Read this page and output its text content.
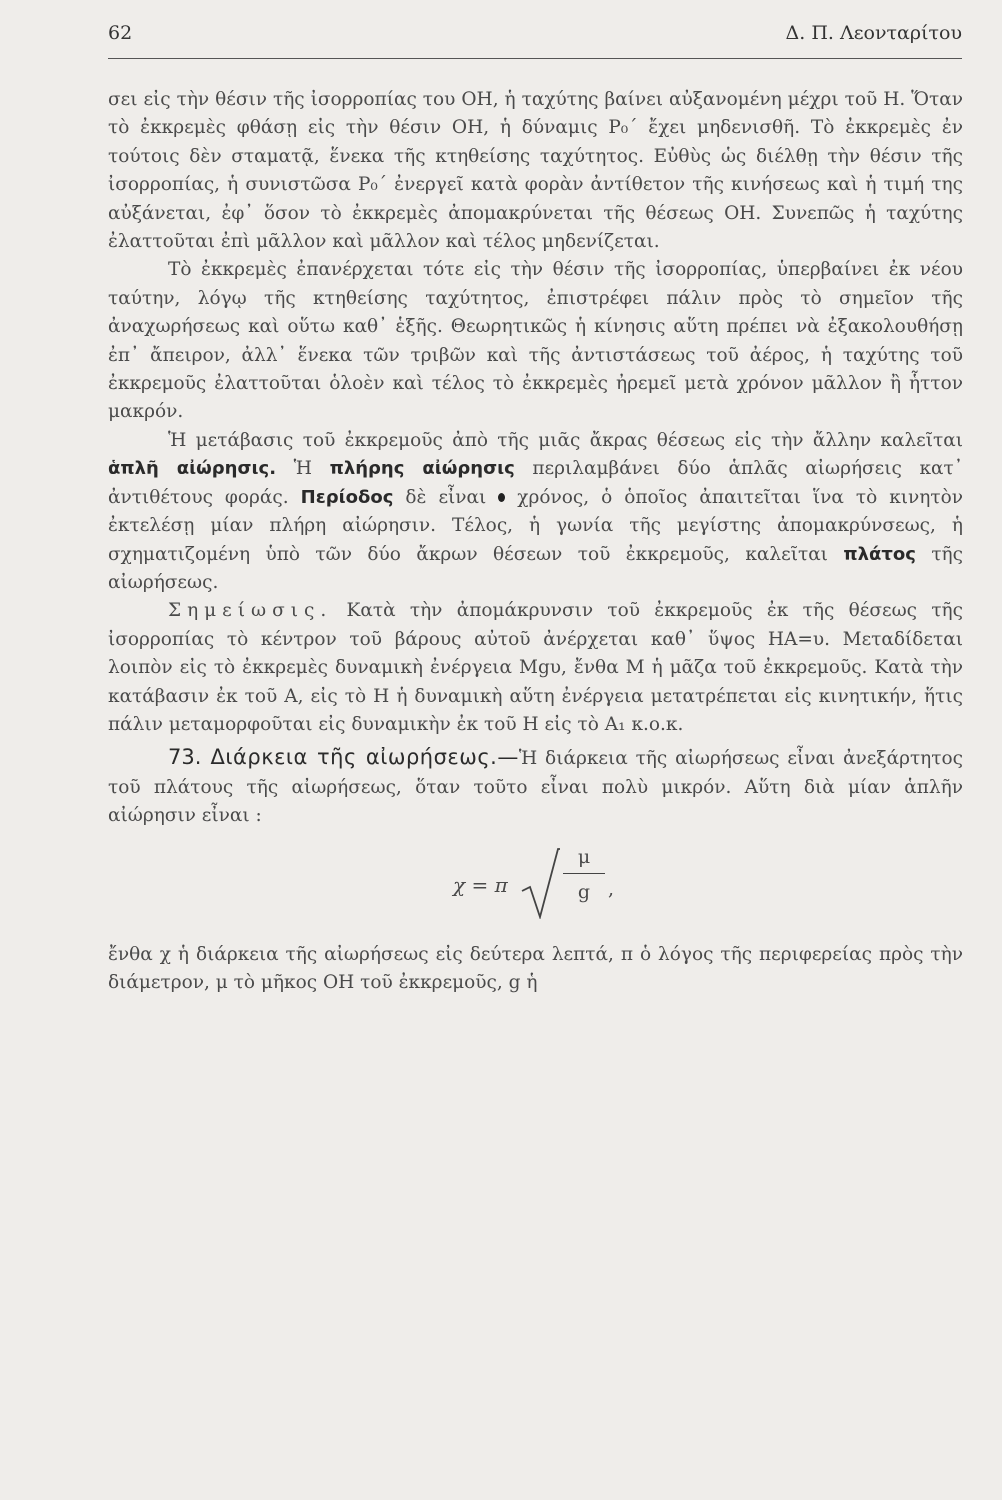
62	Δ. Π. Λεονταρίτου

σει εἰς τὴν θέσιν τῆς ἰσορροπίας του ΟΗ, ἡ ταχύτης βαίνει αὐξανομένη μέχρι τοῦ Η. Ὅταν τὸ ἐκκρεμὲς φθάσῃ εἰς τὴν θέσιν ΟΗ, ἡ δύναμις Ρ₀΄ ἔχει μηδενισθῆ. Τὸ ἐκκρεμὲς ἐν τούτοις δὲν σταματᾷ, ἕνεκα τῆς κτηθείσης ταχύτητος. Εὐθὺς ὡς διέλθῃ τὴν θέσιν τῆς ἰσορροπίας, ἡ συνιστῶσα Ρ₀΄ ἐνεργεῖ κατὰ φορὰν ἀντίθετον τῆς κινήσεως καὶ ἡ τιμή της αὐξάνεται, ἐφ᾽ ὅσον τὸ ἐκκρεμὲς ἀπομακρύνεται τῆς θέσεως ΟΗ. Συνεπῶς ἡ ταχύτης ἐλαττοῦται ἐπὶ μᾶλλον καὶ μᾶλλον καὶ τέλος μηδενίζεται.

Τὸ ἐκκρεμὲς ἐπανέρχεται τότε εἰς τὴν θέσιν τῆς ἰσορροπίας, ὑπερβαίνει ἐκ νέου ταύτην, λόγῳ τῆς κτηθείσης ταχύτητος, ἐπιστρέφει πάλιν πρὸς τὸ σημεῖον τῆς ἀναχωρήσεως καὶ οὕτω καθ᾽ ἑξῆς. Θεωρητικῶς ἡ κίνησις αὕτη πρέπει νὰ ἐξακολουθήσῃ ἐπ᾽ ἄπειρον, ἀλλ᾽ ἕνεκα τῶν τριβῶν καὶ τῆς ἀντιστάσεως τοῦ ἀέρος, ἡ ταχύτης τοῦ ἐκκρεμοῦς ἐλαττοῦται ὁλοὲν καὶ τέλος τὸ ἐκκρεμὲς ἠρεμεῖ μετὰ χρόνον μᾶλλον ἢ ἧττον μακρόν.

Ἡ μετάβασις τοῦ ἐκκρεμοῦς ἀπὸ τῆς μιᾶς ἄκρας θέσεως εἰς τὴν ἄλλην καλεῖται ἁπλῆ αἰώρησις. Ἡ πλήρης αἰώρησις περιλαμβάνει δύο ἁπλᾶς αἰωρήσεις κατ᾽ ἀντιθέτους φοράς. Περίοδος δὲ εἶναι  χρόνος, ὁ ὁποῖος ἀπαιτεῖται ἵνα τὸ κινητὸν ἐκτελέσῃ μίαν πλήρη αἰώρησιν. Τέλος, ἡ γωνία τῆς μεγίστης ἀπομακρύνσεως, ἡ σχηματιζομένη ὑπὸ τῶν δύο ἄκρων θέσεων τοῦ ἐκκρεμοῦς, καλεῖται πλάτος τῆς αἰωρήσεως.

Σημείωσις. Κατὰ τὴν ἀπομάκρυνσιν τοῦ ἐκκρεμοῦς ἐκ τῆς θέσεως τῆς ἰσορροπίας τὸ κέντρον τοῦ βάρους αὐτοῦ ἀνέρχεται καθ᾽ ὕψος ΗΑ=υ. Μεταδίδεται λοιπὸν εἰς τὸ ἐκκρεμὲς δυναμικὴ ἐνέργεια Mgυ, ἔνθα Μ ἡ μᾶζα τοῦ ἐκκρεμοῦς. Κατὰ τὴν κατάβασιν ἐκ τοῦ Α, εἰς τὸ Η ἡ δυναμικὴ αὕτη ἐνέργεια μετατρέπεται εἰς κινητικήν, ἥτις πάλιν μεταμορφοῦται εἰς δυναμικὴν ἐκ τοῦ Η εἰς τὸ Α₁ κ.ο.κ.

73. Διάρκεια τῆς αἰωρήσεως.—Ἡ διάρκεια τῆς αἰωρήσεως εἶναι ἀνεξάρτητος τοῦ πλάτους τῆς αἰωρήσεως, ὅταν τοῦτο εἶναι πολὺ μικρόν. Αὕτη διὰ μίαν ἁπλῆν αἰώρησιν εἶναι :

χ = π	$\frac{\mu}{g}$ ,

ἔνθα χ ἡ διάρκεια τῆς αἰωρήσεως εἰς δεύτερα λεπτά, π ὁ λόγος τῆς περιφερείας πρὸς τὴν διάμετρον, μ τὸ μῆκος ΟΗ τοῦ ἐκκρεμοῦς, g ἡ
